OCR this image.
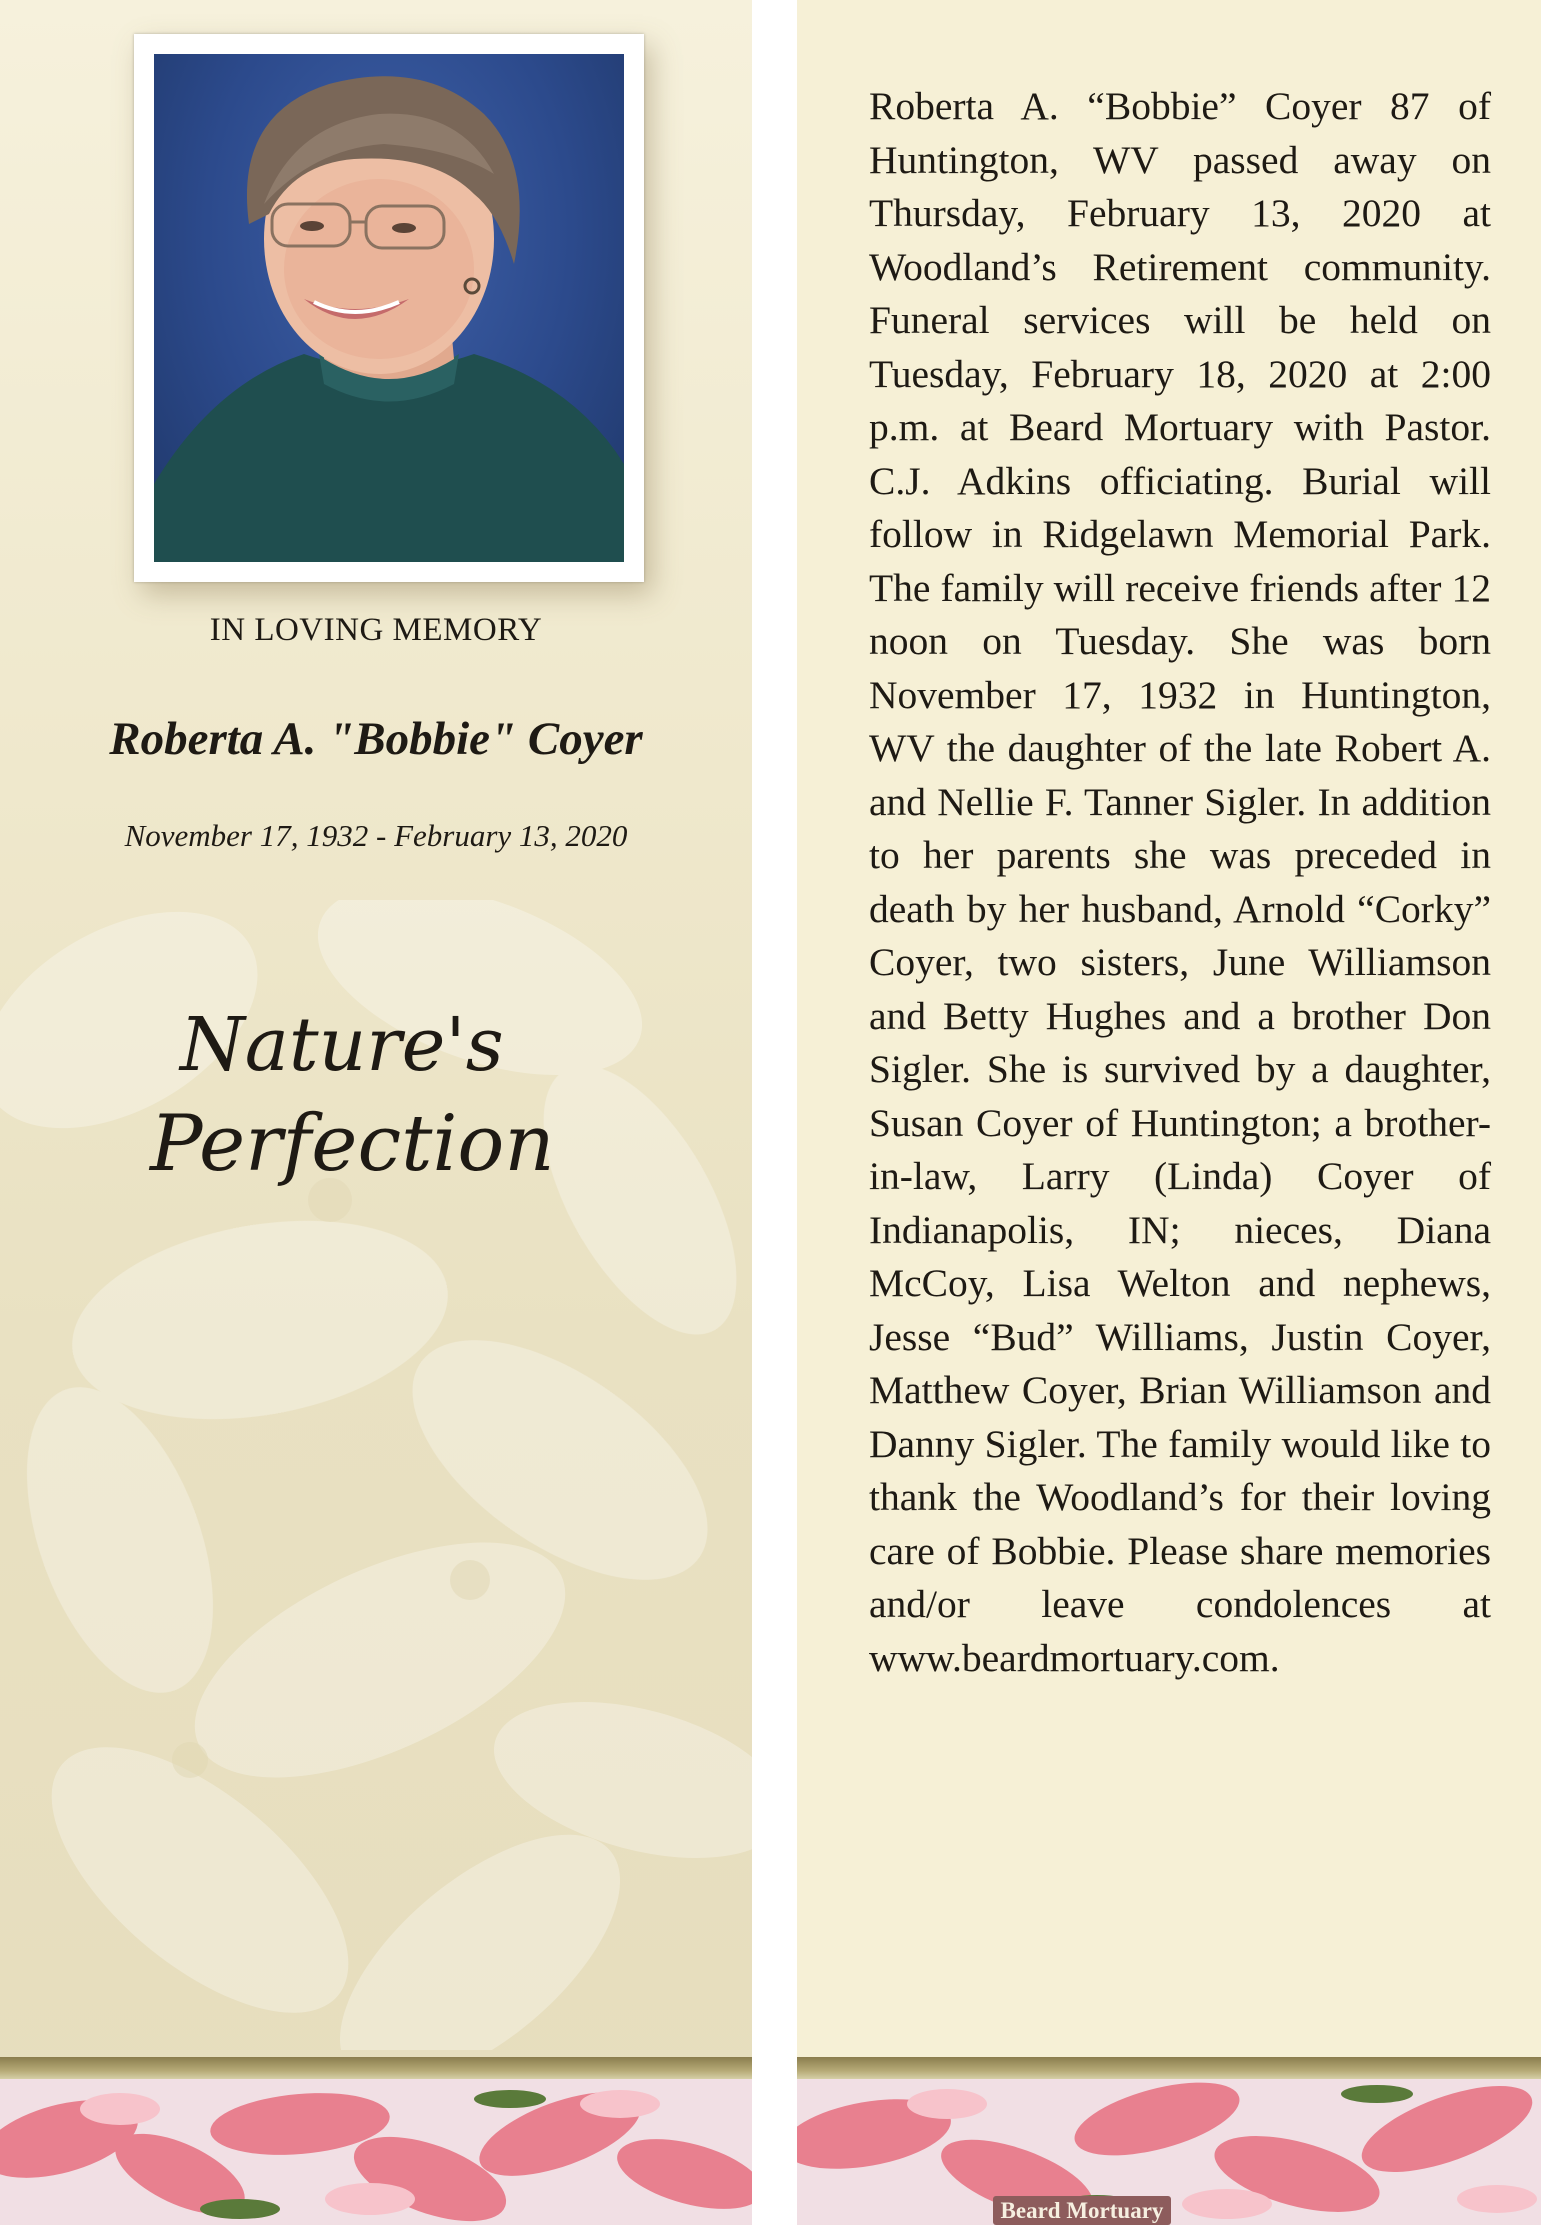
IN LOVING MEMORY
Roberta A. "Bobbie" Coyer
November 17, 1932 - February 13, 2020
Nature's
Perfection
Roberta A. “Bobbie” Coyer 87 of Huntington, WV passed away on Thursday, February 13, 2020 at Woodland’s Retirement community. Funeral services will be held on Tuesday, February 18, 2020 at 2:00 p.m. at Beard Mortuary with Pastor. C.J. Adkins officiating. Burial will follow in Ridgelawn Memorial Park. The family will receive friends after 12 noon on Tuesday. She was born November 17, 1932 in Huntington, WV the daughter of the late Robert A. and Nellie F. Tanner Sigler. In addition to her parents she was preceded in death by her husband, Arnold “Corky” Coyer, two sisters, June Williamson and Betty Hughes and a brother Don Sigler. She is survived by a daughter, Susan Coyer of Huntington; a brother-in-law, Larry (Linda) Coyer of Indianapolis, IN; nieces, Diana McCoy, Lisa Welton and nephews, Jesse “Bud” Williams, Justin Coyer, Matthew Coyer, Brian Williamson and Danny Sigler. The family would like to thank the Woodland’s for their loving care of Bobbie. Please share memories and/or leave condolences at www.beardmortuary.com.
Beard Mortuary
